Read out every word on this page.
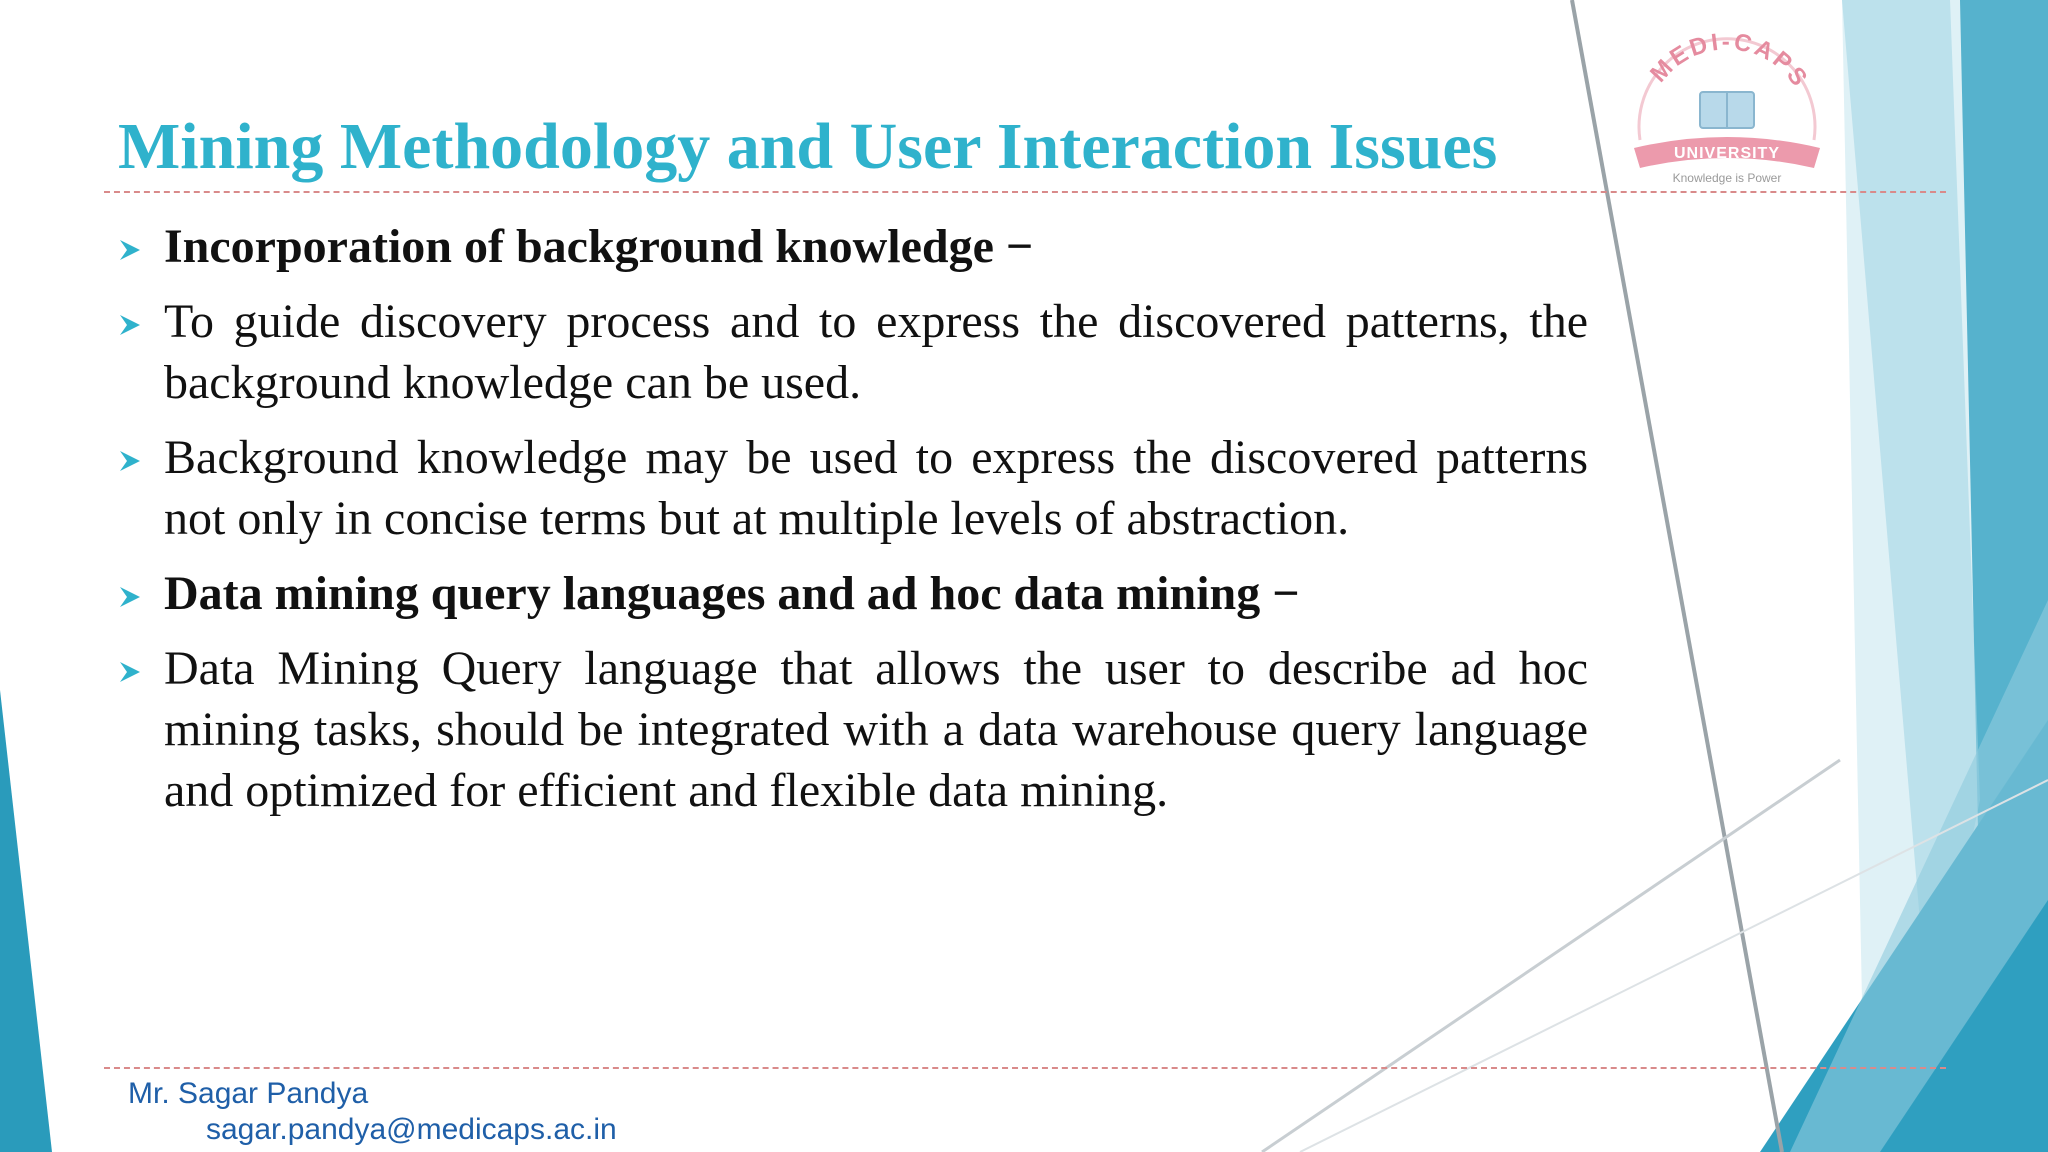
MEDI-CAPS
UNIVERSITY
Knowledge is Power
Mining Methodology and User Interaction Issues
Incorporation of background knowledge −
To guide discovery process and to express the discovered patterns, the background knowledge can be used.
Background knowledge may be used to express the discovered patterns not only in concise terms but at multiple levels of abstraction.
Data mining query languages and ad hoc data mining −
Data Mining Query language that allows the user to describe ad hoc mining tasks, should be integrated with a data warehouse query language and optimized for efficient and flexible data mining.
Mr. Sagar Pandya
sagar.pandya@medicaps.ac.in
